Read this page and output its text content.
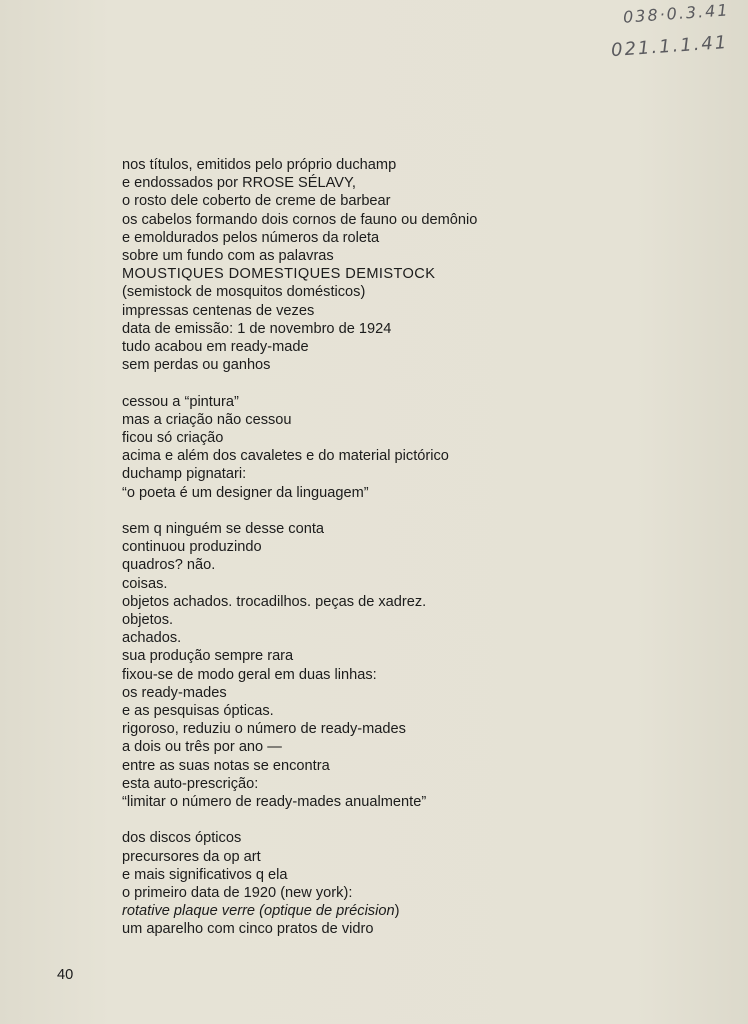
038·0.3.41
021.1.1.41
nos títulos, emitidos pelo próprio duchamp
e endossados por RROSE SÉLAVY,
o rosto dele coberto de creme de barbear
os cabelos formando dois cornos de fauno ou demônio
e emoldurados pelos números da roleta
sobre um fundo com as palavras
MOUSTIQUES DOMESTIQUES DEMISTOCK
(semistock de mosquitos domésticos)
impressas centenas de vezes
data de emissão: 1 de novembro de 1924
tudo acabou em ready-made
sem perdas ou ganhos
cessou a “pintura”
mas a criação não cessou
ficou só criação
acima e além dos cavaletes e do material pictórico
duchamp pignatari:
“o poeta é um designer da linguagem”
sem q ninguém se desse conta
continuou produzindo
quadros? não.
coisas.
objetos achados. trocadilhos. peças de xadrez.
objetos.
achados.
sua produção sempre rara
fixou-se de modo geral em duas linhas:
os ready-mades
e as pesquisas ópticas.
rigoroso, reduziu o número de ready-mades
a dois ou três por ano —
entre as suas notas se encontra
esta auto-prescrição:
“limitar o número de ready-mades anualmente”
dos discos ópticos
precursores da op art
e mais significativos q ela
o primeiro data de 1920 (new york):
rotative plaque verre (optique de précision)
um aparelho com cinco pratos de vidro
40
